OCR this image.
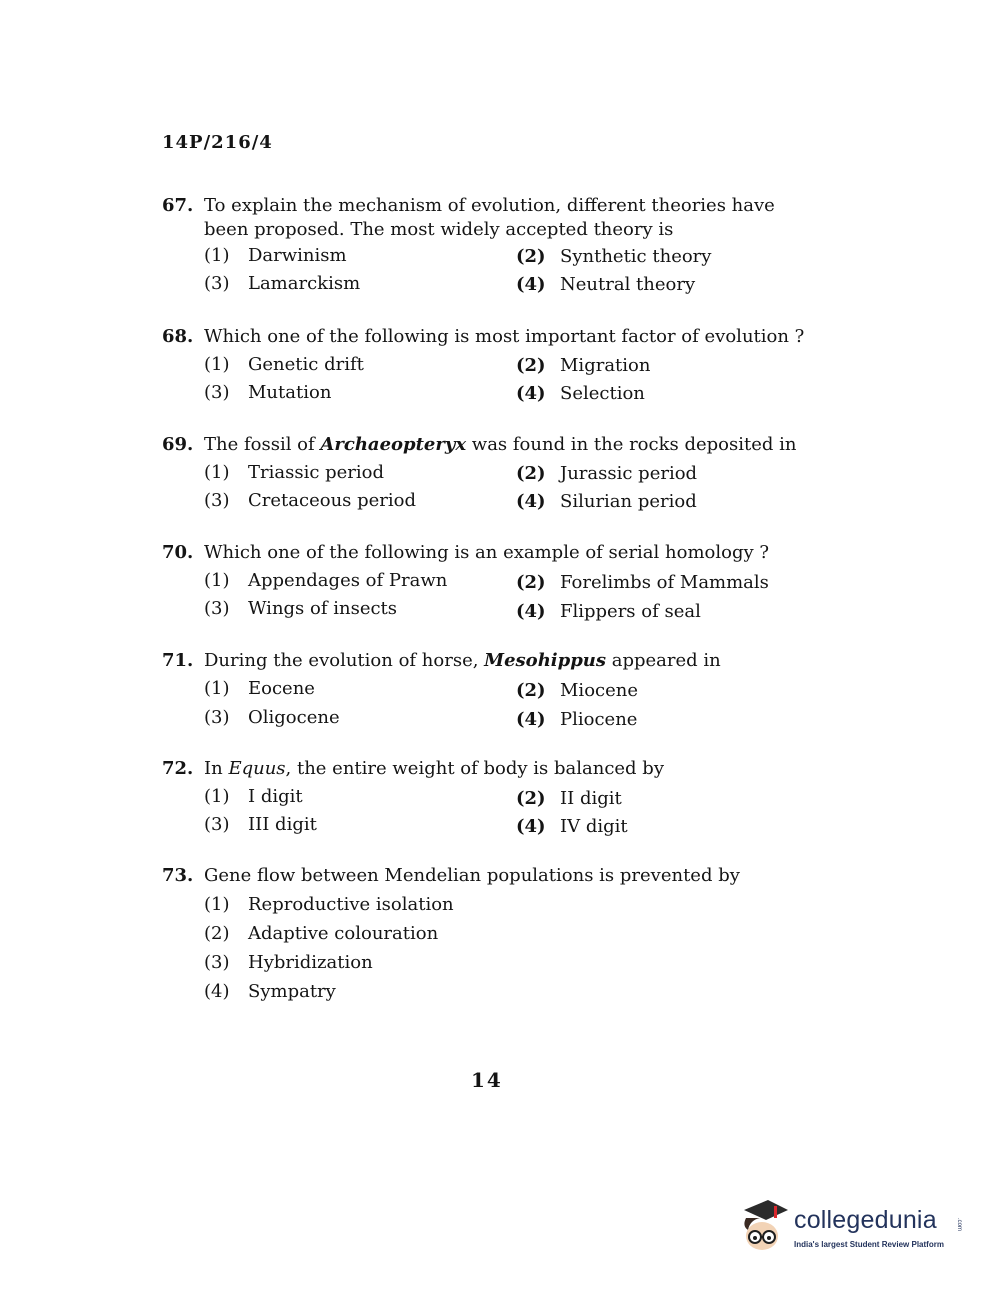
14P/216/4
67. To explain the mechanism of evolution, different theories have been proposed. The most widely accepted theory is
(1) Darwinism	(2) Synthetic theory
(3) Lamarckism	(4) Neutral theory
68. Which one of the following is most important factor of evolution ?
(1) Genetic drift	(2) Migration
(3) Mutation	(4) Selection
69. The fossil of Archaeopteryx was found in the rocks deposited in
(1) Triassic period	(2) Jurassic period
(3) Cretaceous period	(4) Silurian period
70. Which one of the following is an example of serial homology ?
(1) Appendages of Prawn	(2) Forelimbs of Mammals
(3) Wings of insects	(4) Flippers of seal
71. During the evolution of horse, Mesohippus appeared in
(1) Eocene	(2) Miocene
(3) Oligocene	(4) Pliocene
72. In Equus, the entire weight of body is balanced by
(1) I digit	(2) II digit
(3) III digit	(4) IV digit
73. Gene flow between Mendelian populations is prevented by
(1) Reproductive isolation
(2) Adaptive colouration
(3) Hybridization
(4) Sympatry
14
collegedunia	.com
India's largest Student Review Platform
